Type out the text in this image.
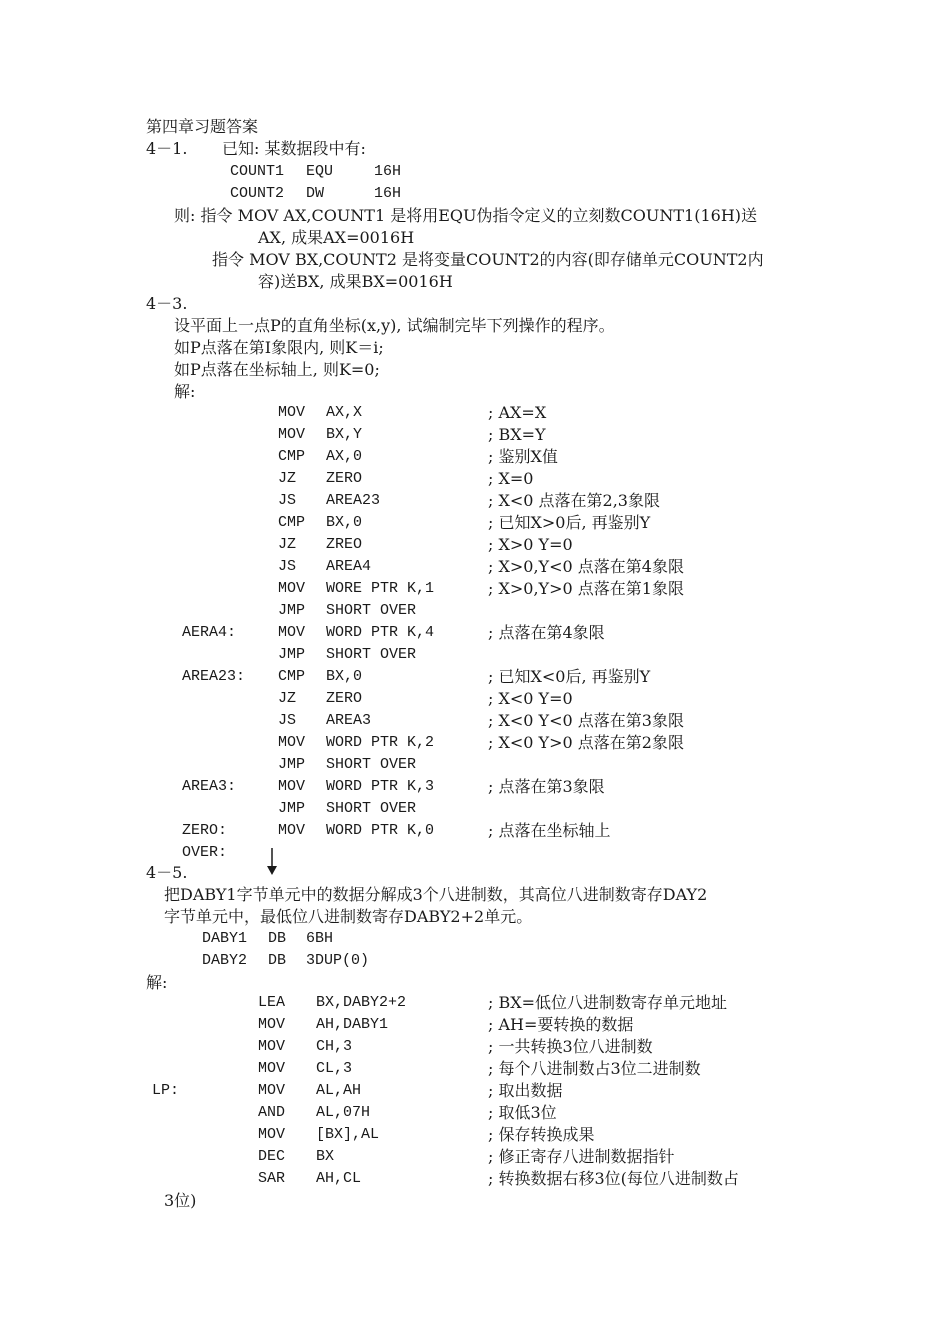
第四章习题答案
4－1. 已知: 某数据段中有:
COUNT1 EQU	16H
COUNT2 DW	16H
则: 指令 MOV AX,COUNT1 是将用EQU伪指令定义的立刻数COUNT1(16H)送
AX, 成果AX=0016H
指令 MOV BX,COUNT2 是将变量COUNT2的内容(即存储单元COUNT2内
容)送BX, 成果BX=0016H
4－3.
设平面上一点P的直角坐标(x,y), 试编制完毕下列操作的程序。
如P点落在第Ⅰ象限内, 则K＝i;
如P点落在坐标轴上, 则K=0;
解:
MOV AX,X	; AX=X
MOV BX,Y	; BX=Y
CMP AX,0	; 鉴别X值
JZ ZERO	; X=0
JS AREA23	; X<0 点落在第2,3象限
CMP BX,0	; 已知X>0后, 再鉴别Y
JZ ZREO	; X>0 Y=0
JS AREA4	; X>0,Y<0 点落在第4象限
MOV WORE PTR K,1	; X>0,Y>0 点落在第1象限
JMP SHORT OVER
AERA4:	MOV WORD PTR K,4	; 点落在第4象限
JMP SHORT OVER
AREA23: CMP BX,0	; 已知X<0后, 再鉴别Y
JZ ZERO	; X<0 Y=0
JS AREA3	; X<0 Y<0 点落在第3象限
MOV WORD PTR K,2	; X<0 Y>0 点落在第2象限
JMP SHORT OVER
AREA3:	MOV WORD PTR K,3	; 点落在第3象限
JMP SHORT OVER
ZERO:	MOV WORD PTR K,0	; 点落在坐标轴上
OVER:
4－5.
把DABY1字节单元中的数据分解成3个八进制数，其高位八进制数寄存DAY2
字节单元中，最低位八进制数寄存DABY2+2单元。
DABY1 DB 6BH
DABY2 DB 3DUP(0)
解:
LEA BX,DABY2+2	; BX=低位八进制数寄存单元地址
MOV AH,DABY1	; AH=要转换的数据
MOV CH,3	; 一共转换3位八进制数
MOV CL,3	; 每个八进制数占3位二进制数
LP:	MOV AL,AH	; 取出数据
AND AL,07H	; 取低3位
MOV [BX],AL	; 保存转换成果
DEC BX	; 修正寄存八进制数据指针
SAR AH,CL	; 转换数据右移3位(每位八进制数占
3位)
